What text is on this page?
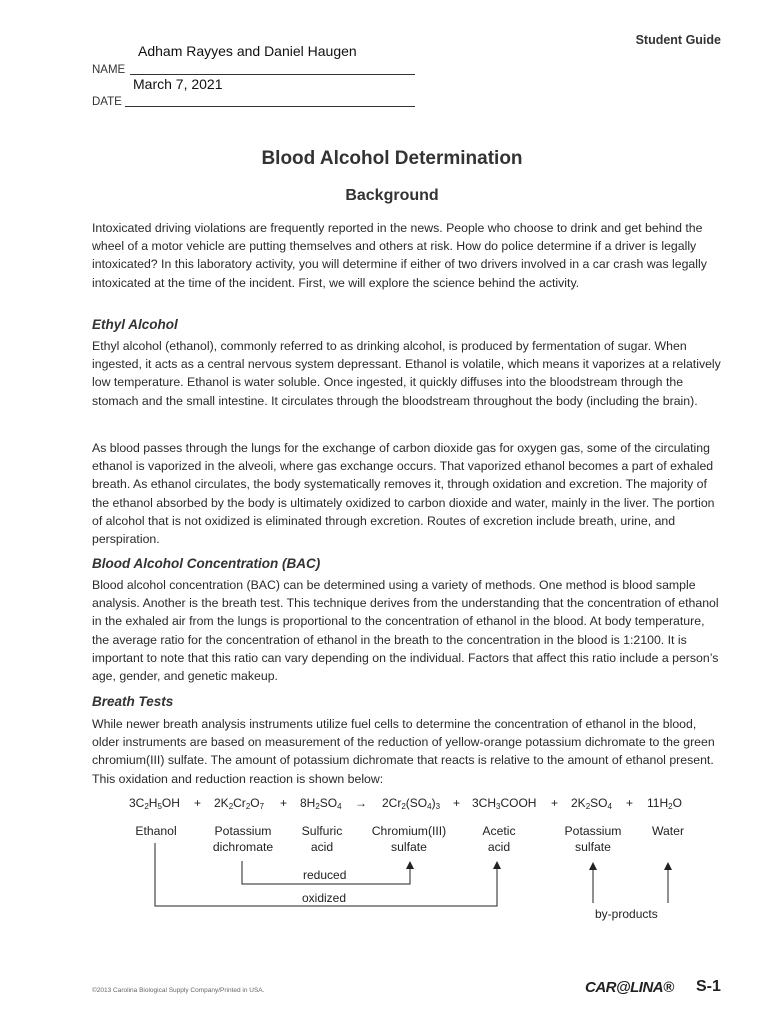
Student Guide
Adham Rayyes and Daniel Haugen
NAME
March 7, 2021
DATE
Blood Alcohol Determination
Background
Intoxicated driving violations are frequently reported in the news. People who choose to drink and get behind the wheel of a motor vehicle are putting themselves and others at risk. How do police determine if a driver is legally intoxicated? In this laboratory activity, you will determine if either of two drivers involved in a car crash was legally intoxicated at the time of the incident. First, we will explore the science behind the activity.
Ethyl Alcohol
Ethyl alcohol (ethanol), commonly referred to as drinking alcohol, is produced by fermentation of sugar. When ingested, it acts as a central nervous system depressant. Ethanol is volatile, which means it vaporizes at a relatively low temperature. Ethanol is water soluble. Once ingested, it quickly diffuses into the bloodstream through the stomach and the small intestine. It circulates through the bloodstream throughout the body (including the brain).
As blood passes through the lungs for the exchange of carbon dioxide gas for oxygen gas, some of the circulating ethanol is vaporized in the alveoli, where gas exchange occurs. That vaporized ethanol becomes a part of exhaled breath. As ethanol circulates, the body systematically removes it, through oxidation and excretion. The majority of the ethanol absorbed by the body is ultimately oxidized to carbon dioxide and water, mainly in the liver. The portion of alcohol that is not oxidized is eliminated through excretion. Routes of excretion include breath, urine, and perspiration.
Blood Alcohol Concentration (BAC)
Blood alcohol concentration (BAC) can be determined using a variety of methods. One method is blood sample analysis. Another is the breath test. This technique derives from the understanding that the concentration of ethanol in the exhaled air from the lungs is proportional to the concentration of ethanol in the blood. At body temperature, the average ratio for the concentration of ethanol in the breath to the concentration in the blood is 1:2100. It is important to note that this ratio can vary depending on the individual. Factors that affect this ratio include a person’s age, gender, and genetic makeup.
Breath Tests
While newer breath analysis instruments utilize fuel cells to determine the concentration of ethanol in the blood, older instruments are based on measurement of the reduction of yellow-orange potassium dichromate to the green chromium(III) sulfate. The amount of potassium dichromate that reacts is relative to the amount of ethanol present. This oxidation and reduction reaction is shown below:
$3C_2H_5OH + 2K_2Cr_2O_7 + 8H_2SO_4 \to 2Cr_2(SO_4)_3$ + $3CH_3COOH + 2K_2SO_4 + 11H_2O$
Ethanol	Potassium
dichromate
Sulfuric
acid
Chromium(III)
sulfate
Acetic
acid
Potassium
sulfate
Water
reduced
oxidized
by-products
©2013 Carolina Biological Supply Company/Printed in USA.	CAR@LINA® S-1
